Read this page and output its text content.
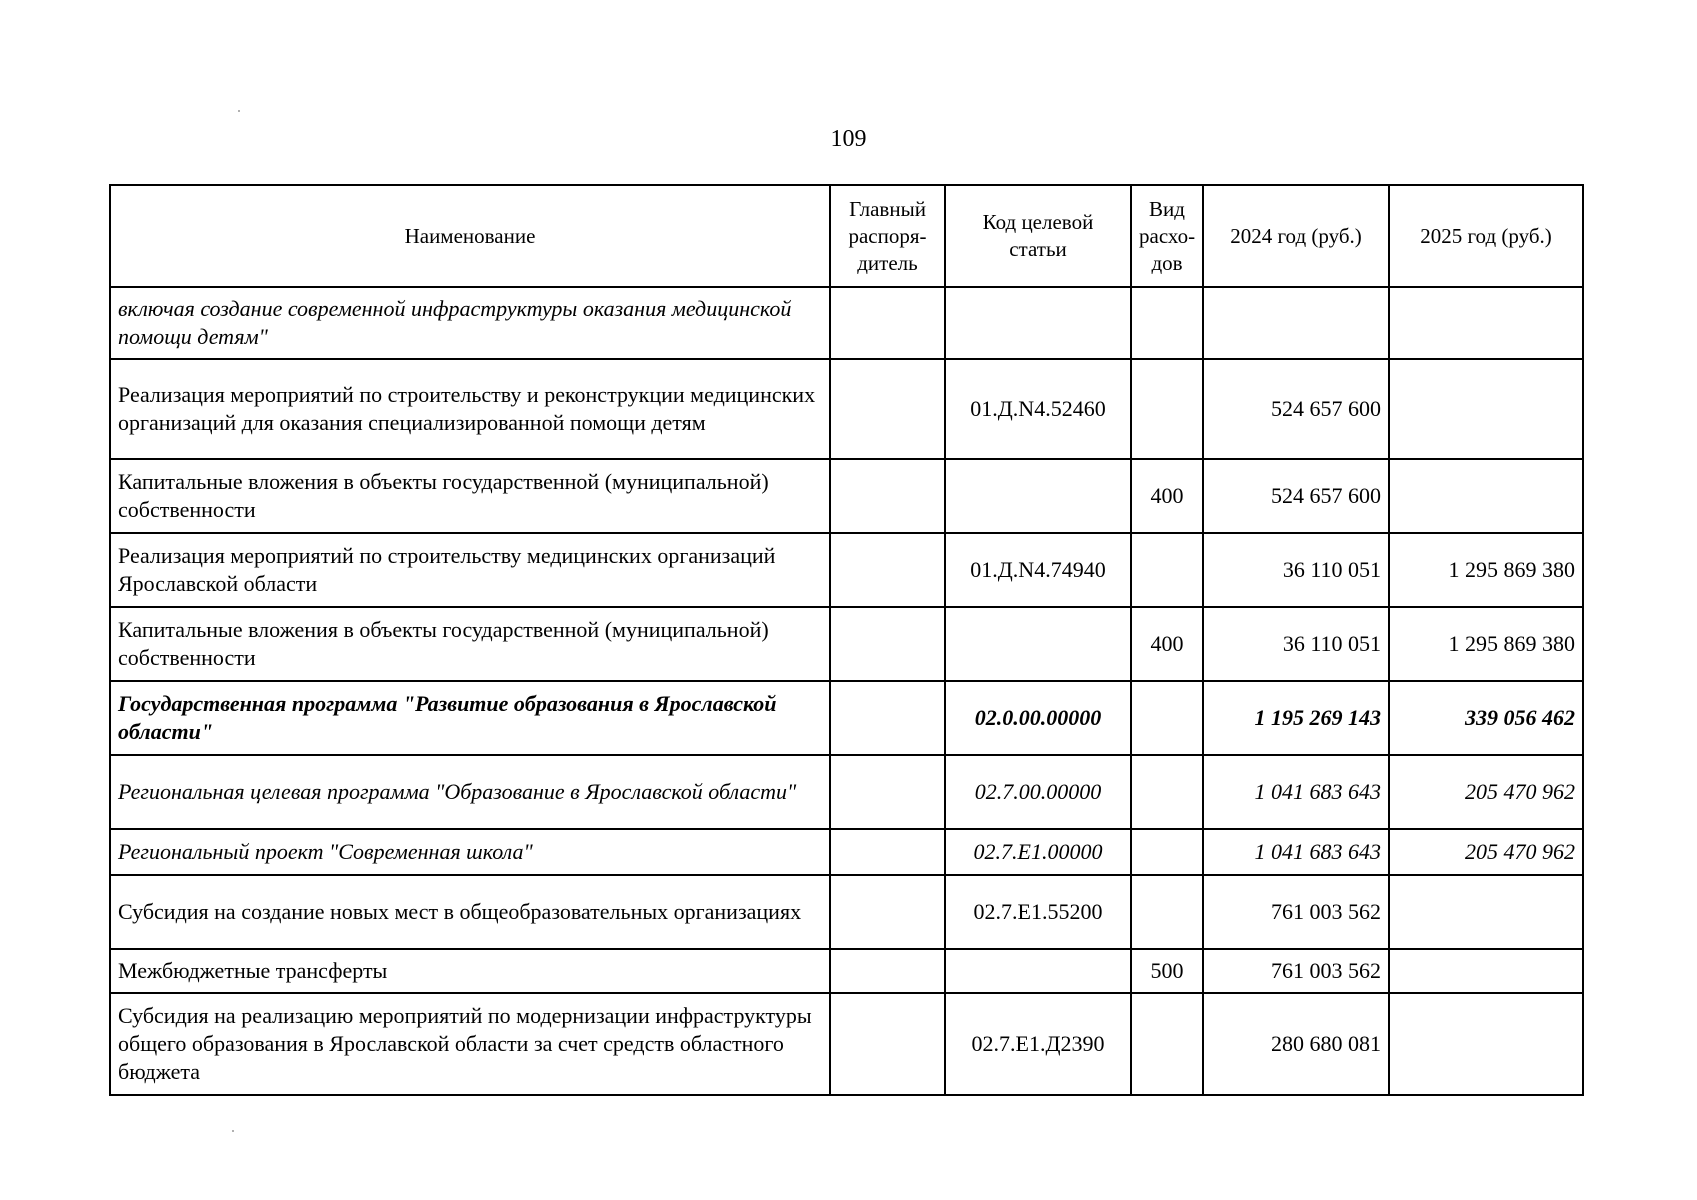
109
Наименование	Главный распоря-дитель	Код целевой статьи	Вид расхо-дов	2024 год (руб.)	2025 год (руб.)
включая создание современной инфраструктуры оказания медицинской помощи детям"					
Реализация мероприятий по строительству и реконструкции медицинских организаций для оказания специализированной помощи детям		01.Д.N4.52460		524 657 600	
Капитальные вложения в объекты государственной (муниципальной) собственности			400	524 657 600	
Реализация мероприятий по строительству медицинских организаций Ярославской области		01.Д.N4.74940		36 110 051	1 295 869 380
Капитальные вложения в объекты государственной (муниципальной) собственности			400	36 110 051	1 295 869 380
Государственная программа "Развитие образования в Ярославской области"		02.0.00.00000		1 195 269 143	339 056 462
Региональная целевая программа "Образование в Ярославской области"		02.7.00.00000		1 041 683 643	205 470 962
Региональный проект "Современная школа"		02.7.Е1.00000		1 041 683 643	205 470 962
Субсидия на создание новых мест в общеобразовательных организациях		02.7.Е1.55200		761 003 562	
Межбюджетные трансферты			500	761 003 562	
Субсидия на реализацию мероприятий по модернизации инфраструктуры общего образования в Ярославской области за счет средств областного бюджета		02.7.Е1.Д2390		280 680 081	
